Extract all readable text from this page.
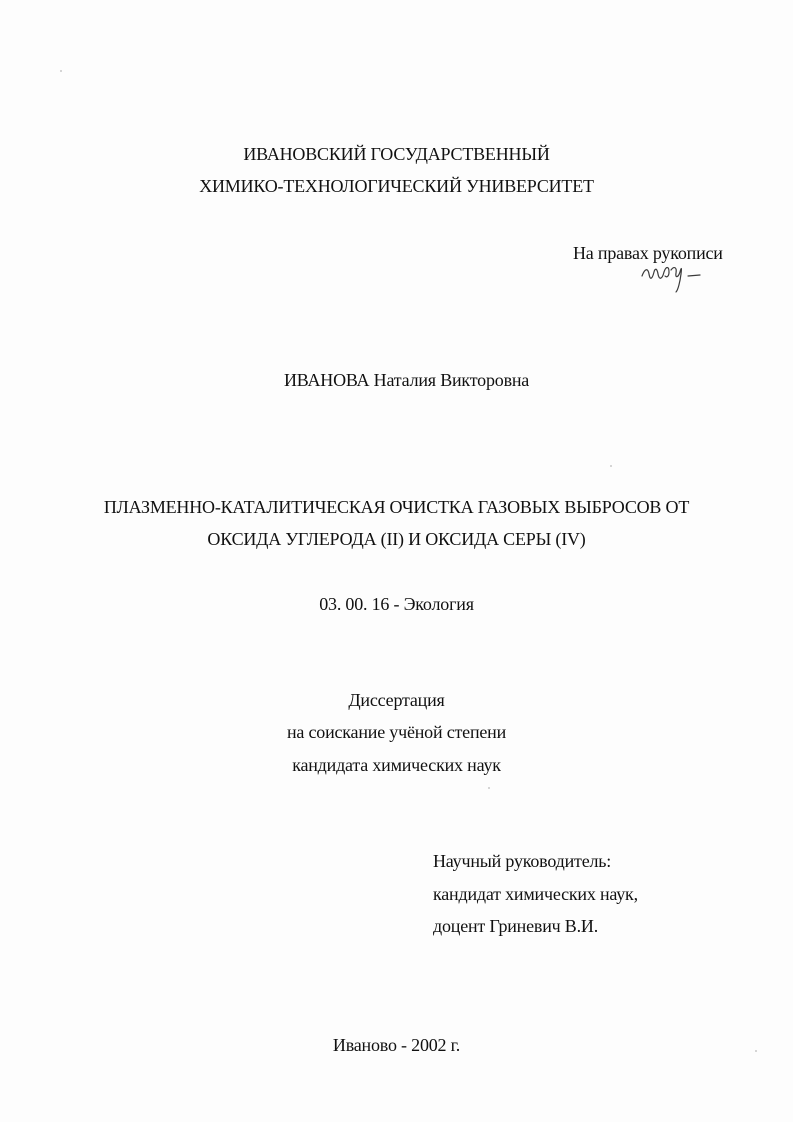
ИВАНОВСКИЙ ГОСУДАРСТВЕННЫЙ
ХИМИКО-ТЕХНОЛОГИЧЕСКИЙ УНИВЕРСИТЕТ
На правах рукописи
ИВАНОВА Наталия Викторовна
ПЛАЗМЕННО-КАТАЛИТИЧЕСКАЯ ОЧИСТКА ГАЗОВЫХ ВЫБРОСОВ ОТ
ОКСИДА УГЛЕРОДА (II) И ОКСИДА СЕРЫ (IV)
03. 00. 16 - Экология
Диссертация
на соискание учёной степени
кандидата химических наук
Научный руководитель:
кандидат химических наук,
доцент Гриневич В.И.
Иваново - 2002 г.
